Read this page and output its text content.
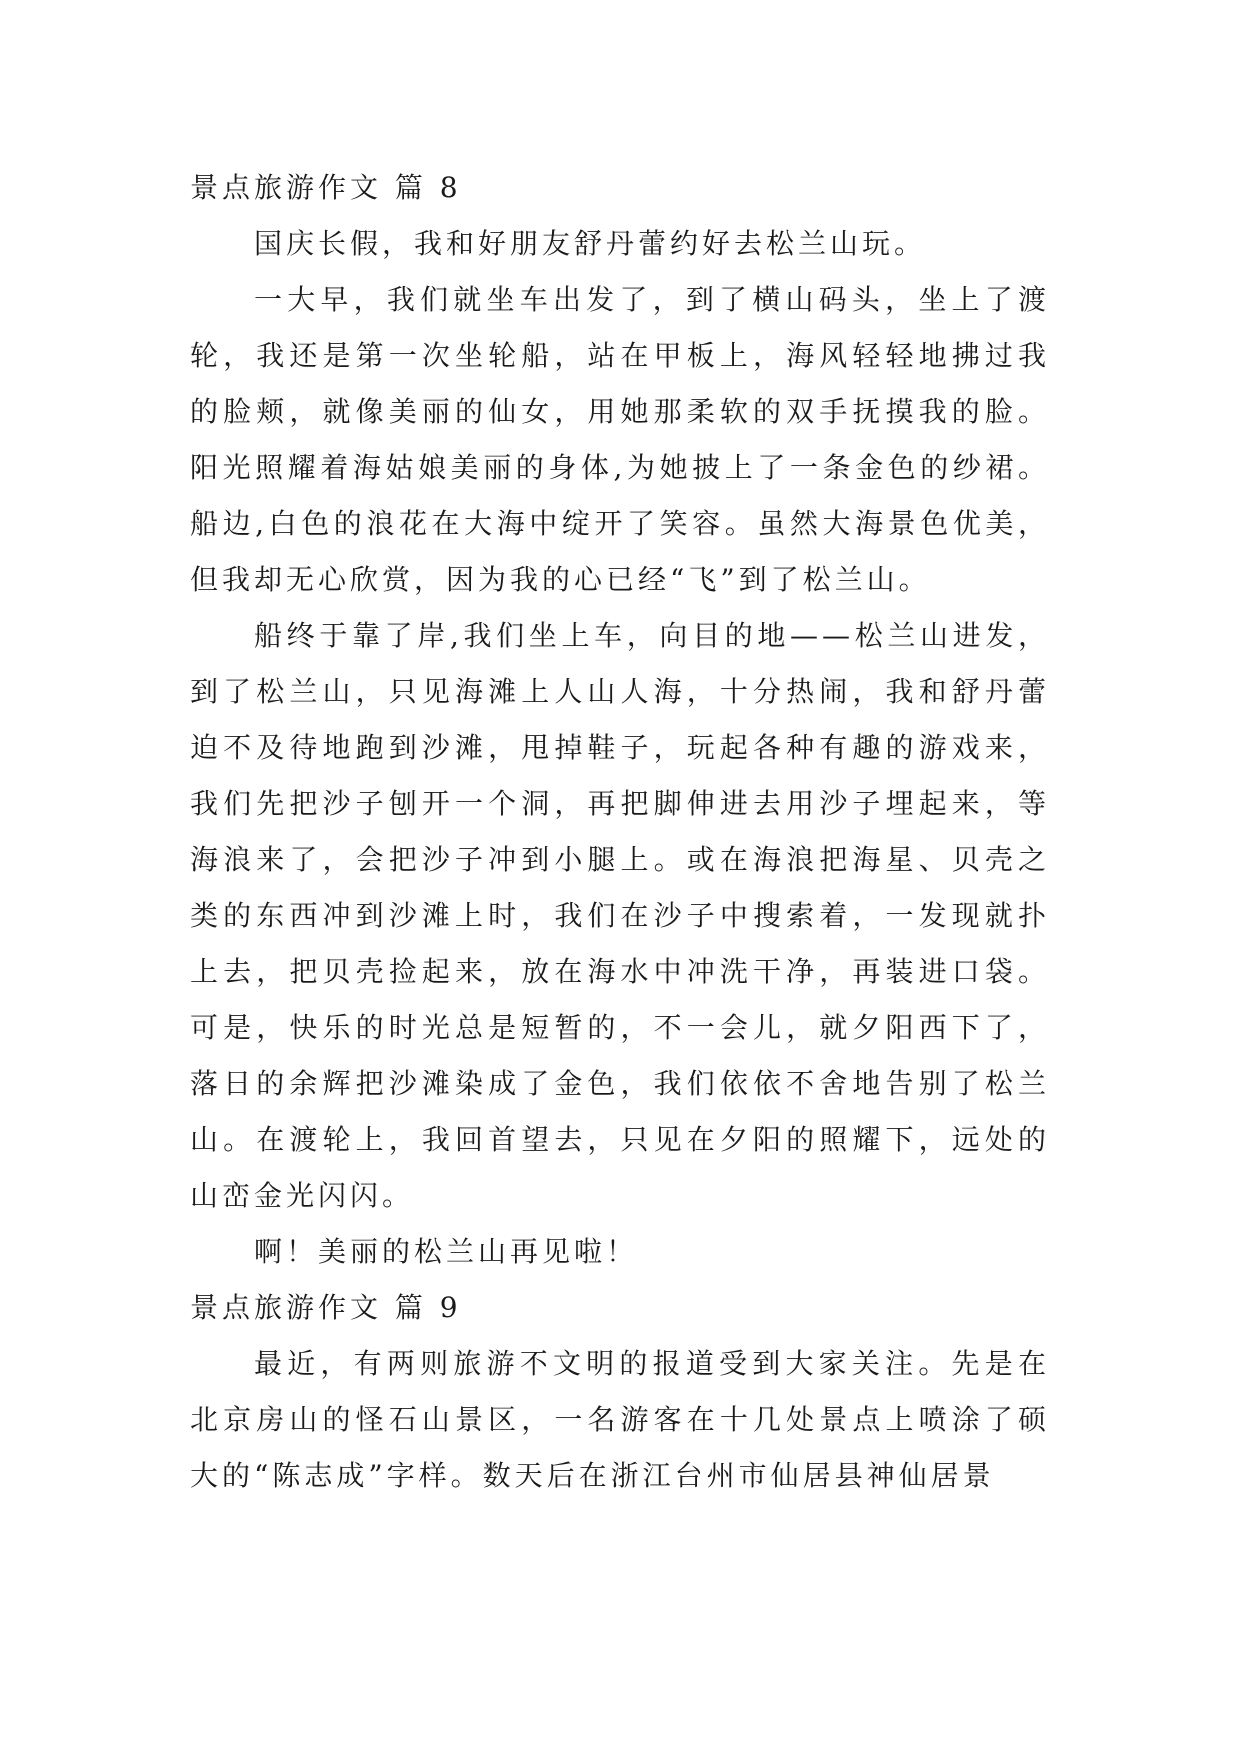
景点旅游作文 篇 8

国庆长假，我和好朋友舒丹蕾约好去松兰山玩。

一大早，我们就坐车出发了，到了横山码头，坐上了渡轮，我还是第一次坐轮船，站在甲板上，海风轻轻地拂过我的脸颊，就像美丽的仙女，用她那柔软的双手抚摸我的脸。阳光照耀着海姑娘美丽的身体,为她披上了一条金色的纱裙。船边,白色的浪花在大海中绽开了笑容。虽然大海景色优美，但我却无心欣赏，因为我的心已经“飞”到了松兰山。

船终于靠了岸,我们坐上车，向目的地——松兰山进发，到了松兰山，只见海滩上人山人海，十分热闹，我和舒丹蕾迫不及待地跑到沙滩，甩掉鞋子，玩起各种有趣的游戏来，我们先把沙子刨开一个洞，再把脚伸进去用沙子埋起来，等海浪来了，会把沙子冲到小腿上。或在海浪把海星、贝壳之类的东西冲到沙滩上时，我们在沙子中搜索着，一发现就扑上去，把贝壳捡起来，放在海水中冲洗干净，再装进口袋。可是，快乐的时光总是短暂的，不一会儿，就夕阳西下了，落日的余辉把沙滩染成了金色，我们依依不舍地告别了松兰山。在渡轮上，我回首望去，只见在夕阳的照耀下，远处的山峦金光闪闪。

啊！美丽的松兰山再见啦！

景点旅游作文 篇 9

最近，有两则旅游不文明的报道受到大家关注。先是在北京房山的怪石山景区，一名游客在十几处景点上喷涂了硕大的“陈志成”字样。数天后在浙江台州市仙居县神仙居景
